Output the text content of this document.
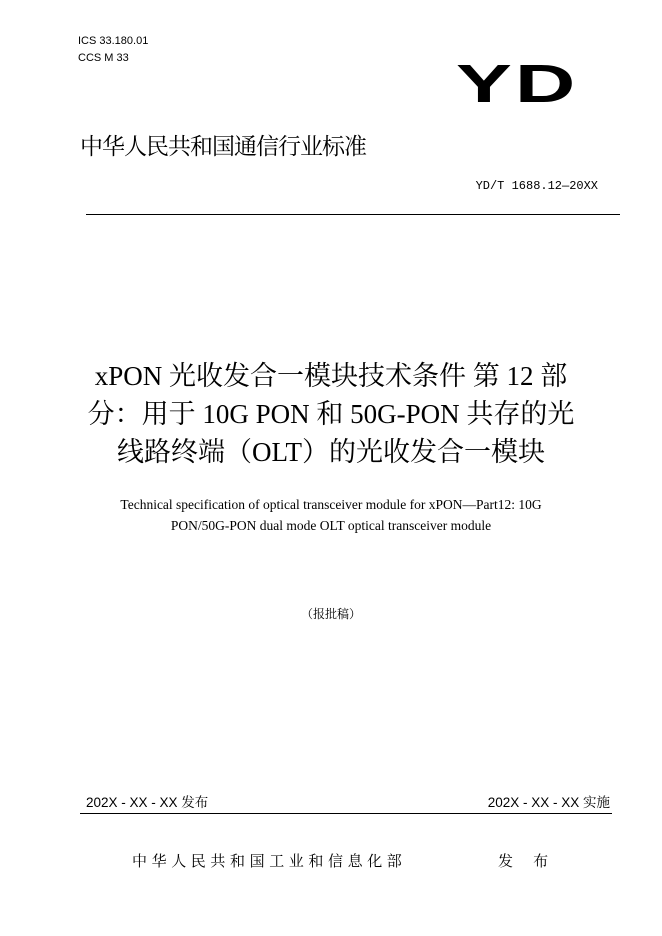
ICS 33.180.01
CCS M 33	YD
中华人民共和国通信行业标准
YD/T 1688.12—20XX
xPON 光收发合一模块技术条件 第 12 部
分：用于 10G PON 和 50G-PON 共存的光
线路终端（OLT）的光收发合一模块
Technical specification of optical transceiver module for xPON—Part12: 10G
PON/50G-PON dual mode OLT optical transceiver module
（报批稿）
202X - XX - XX 发布	202X - XX - XX 实施
中华人民共和国工业和信息化部	发 布
